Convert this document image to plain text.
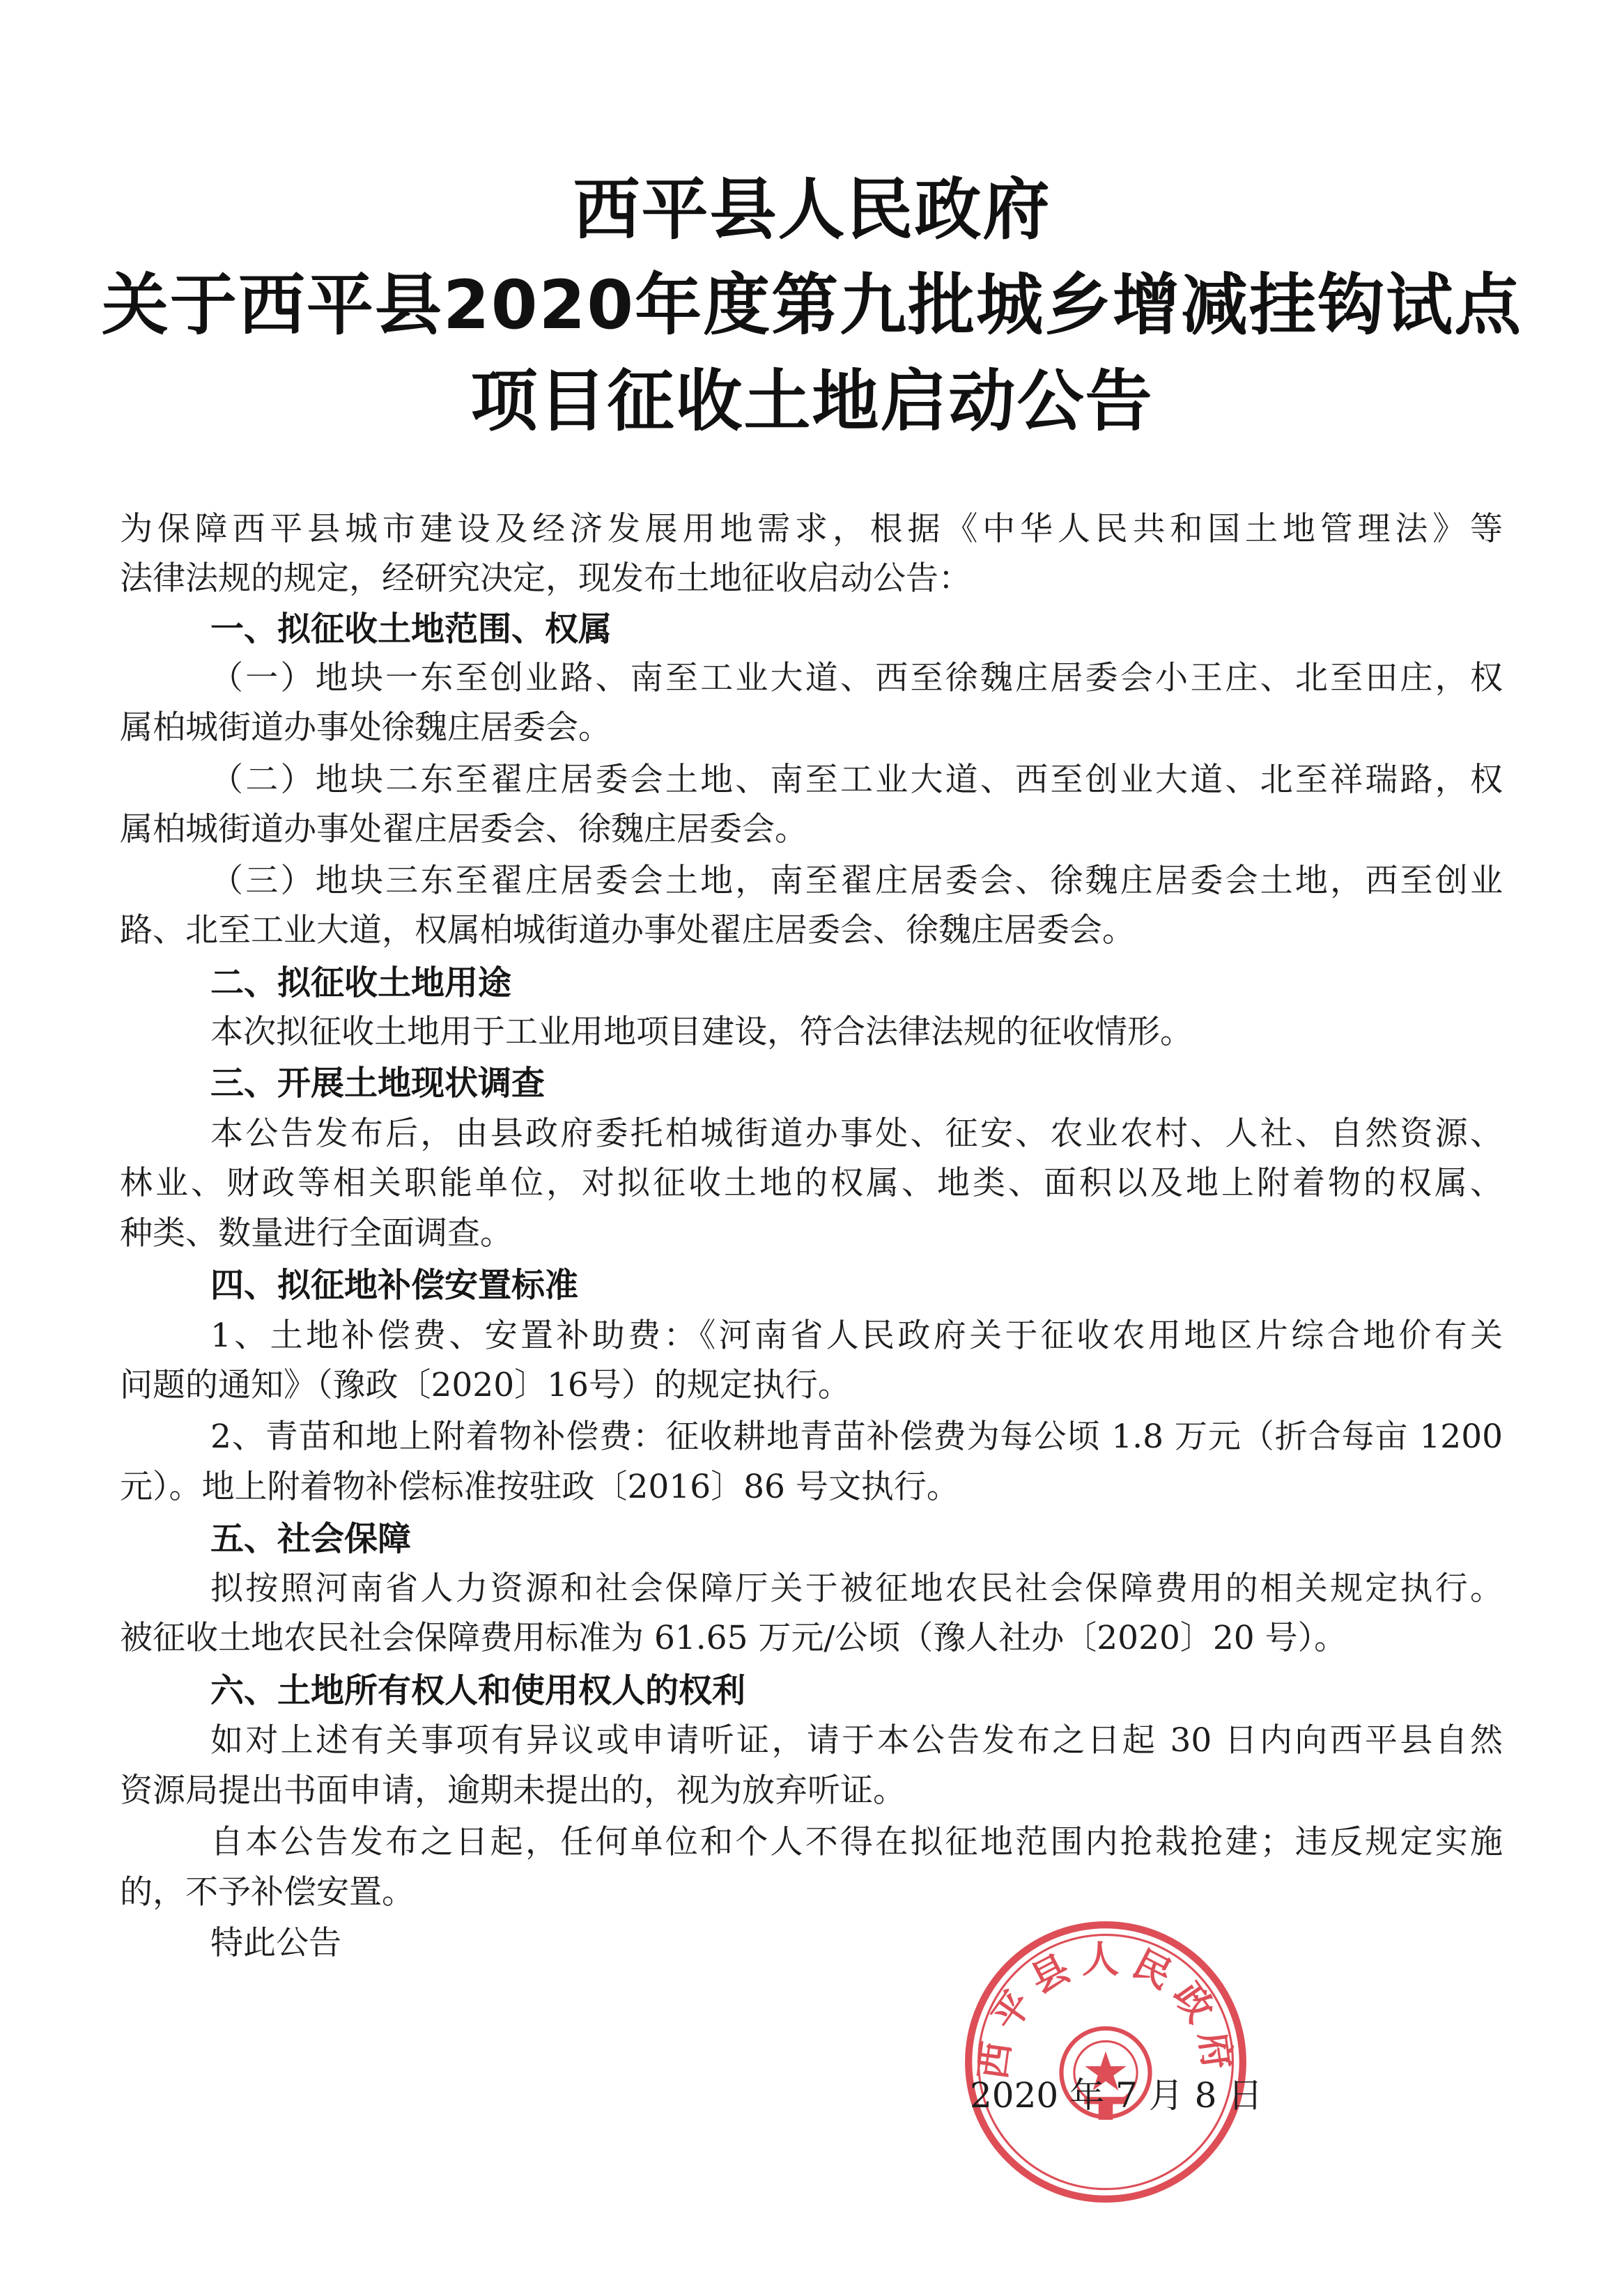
西平县人民政府
关于西平县2020年度第九批城乡增减挂钩试点
项目征收土地启动公告
为保障西平县城市建设及经济发展用地需求，根据《中华人民共和国土地管理法》等
法律法规的规定，经研究决定，现发布土地征收启动公告：
一、拟征收土地范围、权属
（一）地块一东至创业路、南至工业大道、西至徐魏庄居委会小王庄、北至田庄，权
属柏城街道办事处徐魏庄居委会。
（二）地块二东至翟庄居委会土地、南至工业大道、西至创业大道、北至祥瑞路，权
属柏城街道办事处翟庄居委会、徐魏庄居委会。
（三）地块三东至翟庄居委会土地，南至翟庄居委会、徐魏庄居委会土地，西至创业
路、北至工业大道，权属柏城街道办事处翟庄居委会、徐魏庄居委会。
二、拟征收土地用途
本次拟征收土地用于工业用地项目建设，符合法律法规的征收情形。
三、开展土地现状调查
本公告发布后，由县政府委托柏城街道办事处、征安、农业农村、人社、自然资源、
林业、财政等相关职能单位，对拟征收土地的权属、地类、面积以及地上附着物的权属、
种类、数量进行全面调查。
四、拟征地补偿安置标准
1、土地补偿费、安置补助费：《河南省人民政府关于征收农用地区片综合地价有关
问题的通知》（豫政〔2020〕16号）的规定执行。
2、青苗和地上附着物补偿费：征收耕地青苗补偿费为每公顷 1.8 万元（折合每亩 1200
元）。地上附着物补偿标准按驻政〔2016〕86 号文执行。
五、社会保障
拟按照河南省人力资源和社会保障厅关于被征地农民社会保障费用的相关规定执行。
被征收土地农民社会保障费用标准为 61.65 万元/公顷（豫人社办〔2020〕20 号）。
六、土地所有权人和使用权人的权利
如对上述有关事项有异议或申请听证，请于本公告发布之日起 30 日内向西平县自然
资源局提出书面申请，逾期未提出的，视为放弃听证。
自本公告发布之日起，任何单位和个人不得在拟征地范围内抢栽抢建；违反规定实施
的，不予补偿安置。
特此公告
西平县人民政府
2020 年 7 月 8 日
